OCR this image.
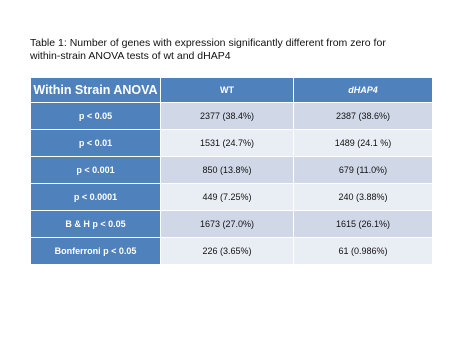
Table 1: Number of genes with expression significantly different from zero for
within-strain ANOVA tests of wt and dHAP4
Within Strain ANOVA	WT	dHAP4
p < 0.05	2377 (38.4%)	2387 (38.6%)
p < 0.01	1531 (24.7%)	1489 (24.1 %)
p < 0.001	850 (13.8%)	679 (11.0%)
p < 0.0001	449 (7.25%)	240 (3.88%)
B & H p < 0.05	1673 (27.0%)	1615 (26.1%)
Bonferroni p < 0.05	226 (3.65%)	61 (0.986%)
